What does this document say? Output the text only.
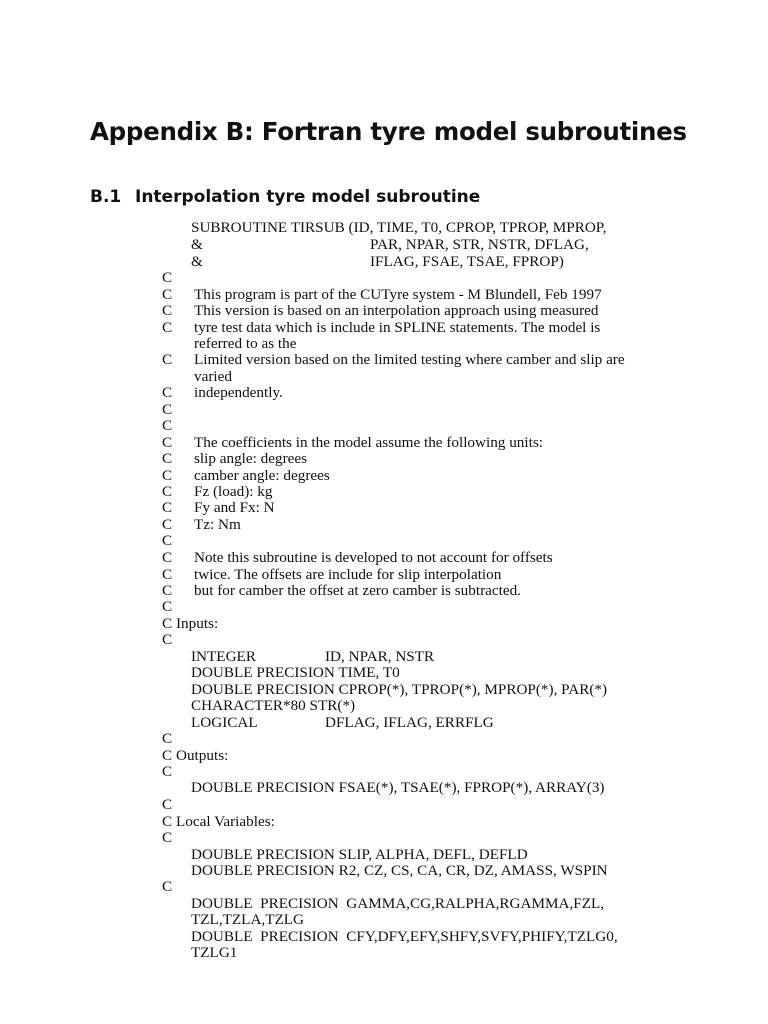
Appendix B: Fortran tyre model subroutines
B.1 Interpolation tyre model subroutine
SUBROUTINE TIRSUB (ID, TIME, T0, CPROP, TPROP, MPROP,
&	PAR, NPAR, STR, NSTR, DFLAG,
&	IFLAG, FSAE, TSAE, FPROP)
C
C This program is part of the CUTyre system - M Blundell, Feb 1997
C This version is based on an interpolation approach using measured
C tyre test data which is include in SPLINE statements. The model is
referred to as the
C Limited version based on the limited testing where camber and slip are
varied
C independently.
C
C
C The coefficients in the model assume the following units:
C slip angle: degrees
C camber angle: degrees
C Fz (load): kg
C Fy and Fx: N
C Tz: Nm
C
C Note this subroutine is developed to not account for offsets
C twice. The offsets are include for slip interpolation
C but for camber the offset at zero camber is subtracted.
C
C Inputs:
C
INTEGER	ID, NPAR, NSTR
DOUBLE PRECISION TIME, T0
DOUBLE PRECISION CPROP(*), TPROP(*), MPROP(*), PAR(*)
CHARACTER*80 STR(*)
LOGICAL	DFLAG, IFLAG, ERRFLG
C
C Outputs:
C
DOUBLE PRECISION FSAE(*), TSAE(*), FPROP(*), ARRAY(3)
C
C Local Variables:
C
DOUBLE PRECISION SLIP, ALPHA, DEFL, DEFLD
DOUBLE PRECISION R2, CZ, CS, CA, CR, DZ, AMASS, WSPIN
C
DOUBLE  PRECISION  GAMMA,CG,RALPHA,RGAMMA,FZL,
TZL,TZLA,TZLG
DOUBLE  PRECISION  CFY,DFY,EFY,SHFY,SVFY,PHIFY,TZLG0,
TZLG1
